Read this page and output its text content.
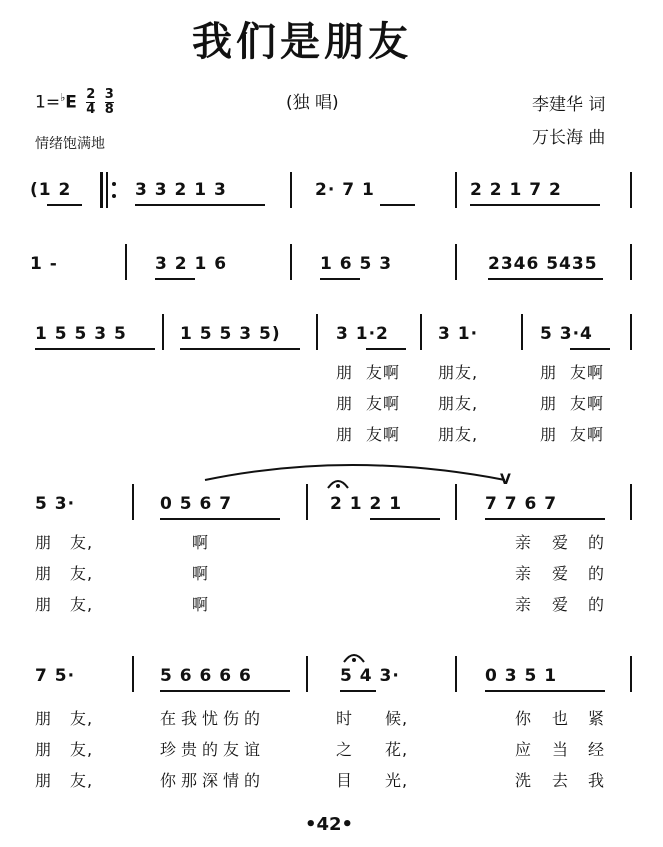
我们是朋友
$1=^♭E \frac{2}{4}$
$\frac{3}{8}$	(独 唱)	李建华 词
万长海 曲
情绪饱满地
(1 2	3 3 2 1 3	2· 7 1	2 2 1 7 2
1 -	3 2 1 6	1 6 5 3	2346 5435
1 5 5 3 5	1 5 5 3 5)	3 1·2	3 1·	5 3·4
朋 友啊 朋友,	朋 友啊
朋 友啊 朋友,	朋 友啊
朋 友啊 朋友,	朋 友啊
V
5 3·	0 5 6 7	2 1 2 1	7 7 6 7
朋 友,	啊	亲 爱 的
朋 友,	啊	亲 爱 的
朋 友,	啊	亲 爱 的
7 5·	5 6 6 6 6	5 4 3·	0 3 5 1
朋 友,	在我忧伤的	时 候,	你 也 紧
朋 友,	珍贵的友谊	之 花,	应 当 经
朋 友,	你那深情的	目 光,	洗 去 我
•42•
